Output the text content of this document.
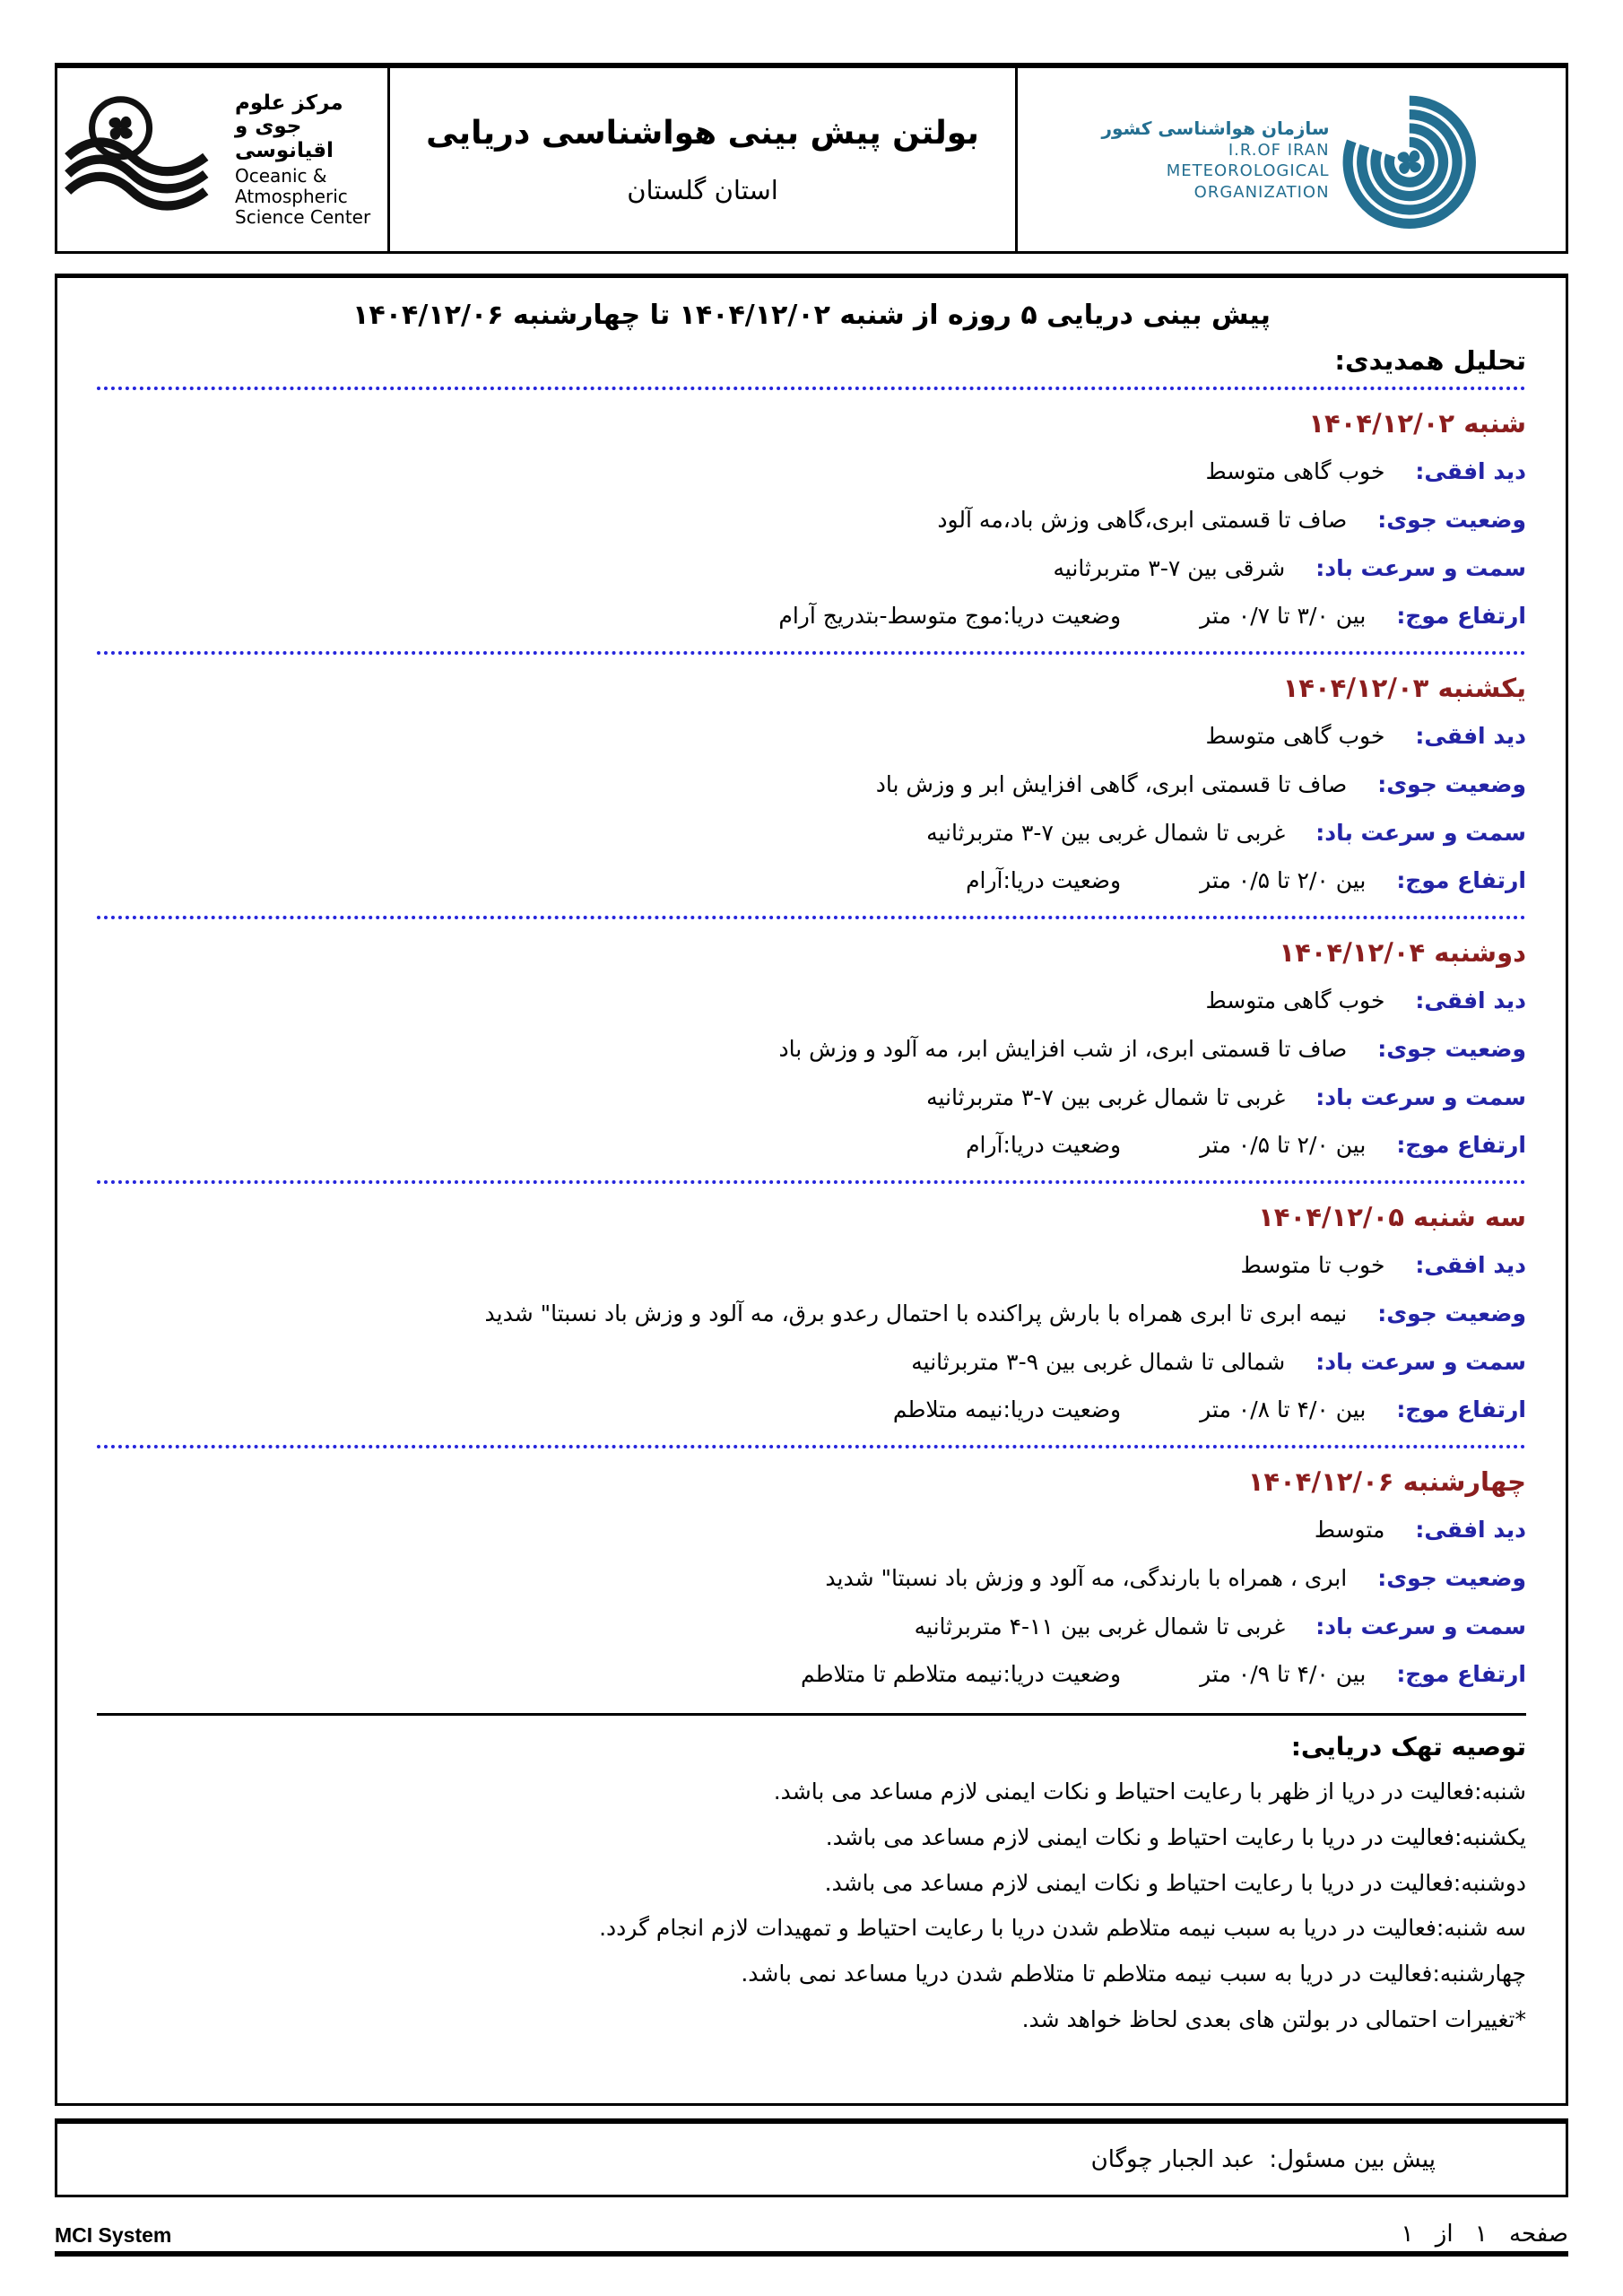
مرکز علوم جوی و اقیانوسی
Oceanic & Atmospheric
Science Center
بولتن پیش بینی هواشناسی دریایی
استان گلستان
سازمان هواشناسی کشور
I.R.OF IRAN
METEOROLOGICAL
ORGANIZATION
پیش بینی دریایی ۵ روزه از شنبه ۱۴۰۴/۱۲/۰۲ تا چهارشنبه ۱۴۰۴/۱۲/۰۶
تحلیل همدیدی:
شنبه ۱۴۰۴/۱۲/۰۲
دید افقی:خوب گاهی متوسط
وضعیت جوی:صاف تا قسمتی ابری،گاهی وزش باد،مه آلود
سمت و سرعت باد:شرقی بین ۷-۳ متربرثانیه
ارتفاع موج:بین ۳/۰ تا ۰/۷ متروضعیت دریا:موج متوسط-بتدریج آرام
یکشنبه ۱۴۰۴/۱۲/۰۳
دید افقی:خوب گاهی متوسط
وضعیت جوی:صاف تا قسمتی ابری، گاهی افزایش ابر و وزش باد
سمت و سرعت باد:غربی تا شمال غربی بین ۷-۳ متربرثانیه
ارتفاع موج:بین ۲/۰ تا ۰/۵ متروضعیت دریا:آرام
دوشنبه ۱۴۰۴/۱۲/۰۴
دید افقی:خوب گاهی متوسط
وضعیت جوی:صاف تا قسمتی ابری، از شب افزایش ابر، مه آلود و وزش باد
سمت و سرعت باد:غربی تا شمال غربی بین ۷-۳ متربرثانیه
ارتفاع موج:بین ۲/۰ تا ۰/۵ متروضعیت دریا:آرام
سه شنبه ۱۴۰۴/۱۲/۰۵
دید افقی:خوب تا متوسط
وضعیت جوی:نیمه ابری تا ابری همراه با بارش پراکنده با احتمال رعدو برق، مه آلود و وزش باد نسبتا" شدید
سمت و سرعت باد:شمالی تا شمال غربی بین ۹-۳ متربرثانیه
ارتفاع موج:بین ۴/۰ تا ۰/۸ متروضعیت دریا:نیمه متلاطم
چهارشنبه ۱۴۰۴/۱۲/۰۶
دید افقی:متوسط
وضعیت جوی:ابری ، همراه با بارندگی، مه آلود و وزش باد نسبتا" شدید
سمت و سرعت باد:غربی تا شمال غربی بین ۱۱-۴ متربرثانیه
ارتفاع موج:بین ۴/۰ تا ۰/۹ متروضعیت دریا:نیمه متلاطم تا متلاطم
توصیه تهک دریایی:
شنبه:فعالیت در دریا از ظهر با رعایت احتیاط و نکات ایمنی لازم مساعد می باشد.
یکشنبه:فعالیت در دریا با رعایت احتیاط و نکات ایمنی لازم مساعد می باشد.
دوشنبه:فعالیت در دریا با رعایت احتیاط و نکات ایمنی لازم مساعد می باشد.
سه شنبه:فعالیت در دریا به سبب نیمه متلاطم شدن دریا با رعایت احتیاط و تمهیدات لازم انجام گردد.
چهارشنبه:فعالیت در دریا به سبب نیمه متلاطم تا متلاطم شدن دریا مساعد نمی باشد.
*تغییرات احتمالی در بولتن های بعدی لحاظ خواهد شد.
پیش بین مسئول:
عبد الجبار چوگان
صفحه ۱ از ۱
MCI System
